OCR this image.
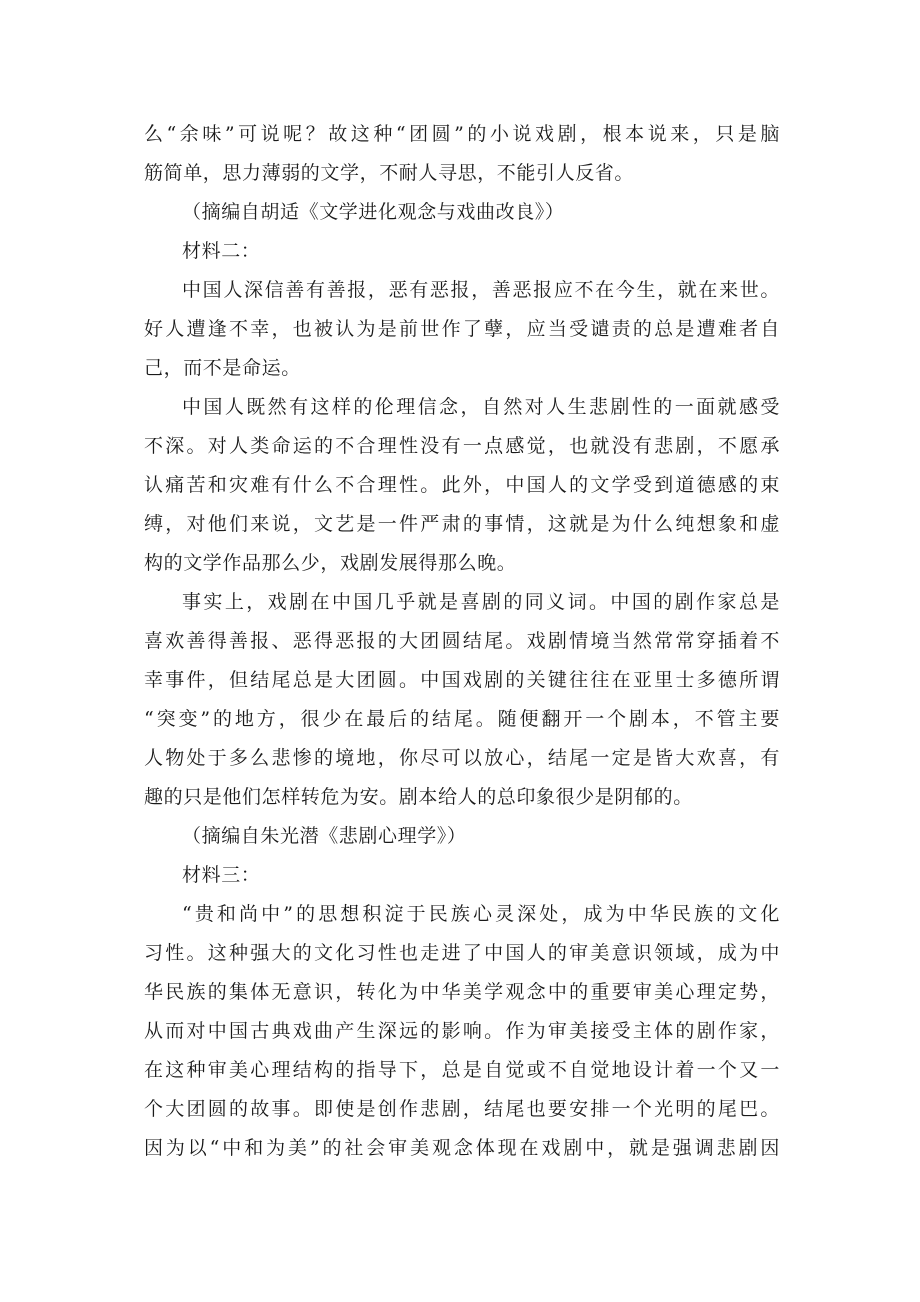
么“余味”可说呢？故这种“团圆”的小说戏剧，根本说来，只是脑
筋简单，思力薄弱的文学，不耐人寻思，不能引人反省。
（摘编自胡适《文学进化观念与戏曲改良》）
材料二：
中国人深信善有善报，恶有恶报，善恶报应不在今生，就在来世。
好人遭逢不幸，也被认为是前世作了孽，应当受谴责的总是遭难者自
己，而不是命运。
中国人既然有这样的伦理信念，自然对人生悲剧性的一面就感受
不深。对人类命运的不合理性没有一点感觉，也就没有悲剧，不愿承
认痛苦和灾难有什么不合理性。此外，中国人的文学受到道德感的束
缚，对他们来说，文艺是一件严肃的事情，这就是为什么纯想象和虚
构的文学作品那么少，戏剧发展得那么晚。
事实上，戏剧在中国几乎就是喜剧的同义词。中国的剧作家总是
喜欢善得善报、恶得恶报的大团圆结尾。戏剧情境当然常常穿插着不
幸事件，但结尾总是大团圆。中国戏剧的关键往往在亚里士多德所谓
“突变”的地方，很少在最后的结尾。随便翻开一个剧本，不管主要
人物处于多么悲惨的境地，你尽可以放心，结尾一定是皆大欢喜，有
趣的只是他们怎样转危为安。剧本给人的总印象很少是阴郁的。
（摘编自朱光潜《悲剧心理学》）
材料三：
“贵和尚中”的思想积淀于民族心灵深处，成为中华民族的文化
习性。这种强大的文化习性也走进了中国人的审美意识领域，成为中
华民族的集体无意识，转化为中华美学观念中的重要审美心理定势，
从而对中国古典戏曲产生深远的影响。作为审美接受主体的剧作家，
在这种审美心理结构的指导下，总是自觉或不自觉地设计着一个又一
个大团圆的故事。即使是创作悲剧，结尾也要安排一个光明的尾巴。
因为以“中和为美”的社会审美观念体现在戏剧中，就是强调悲剧因
